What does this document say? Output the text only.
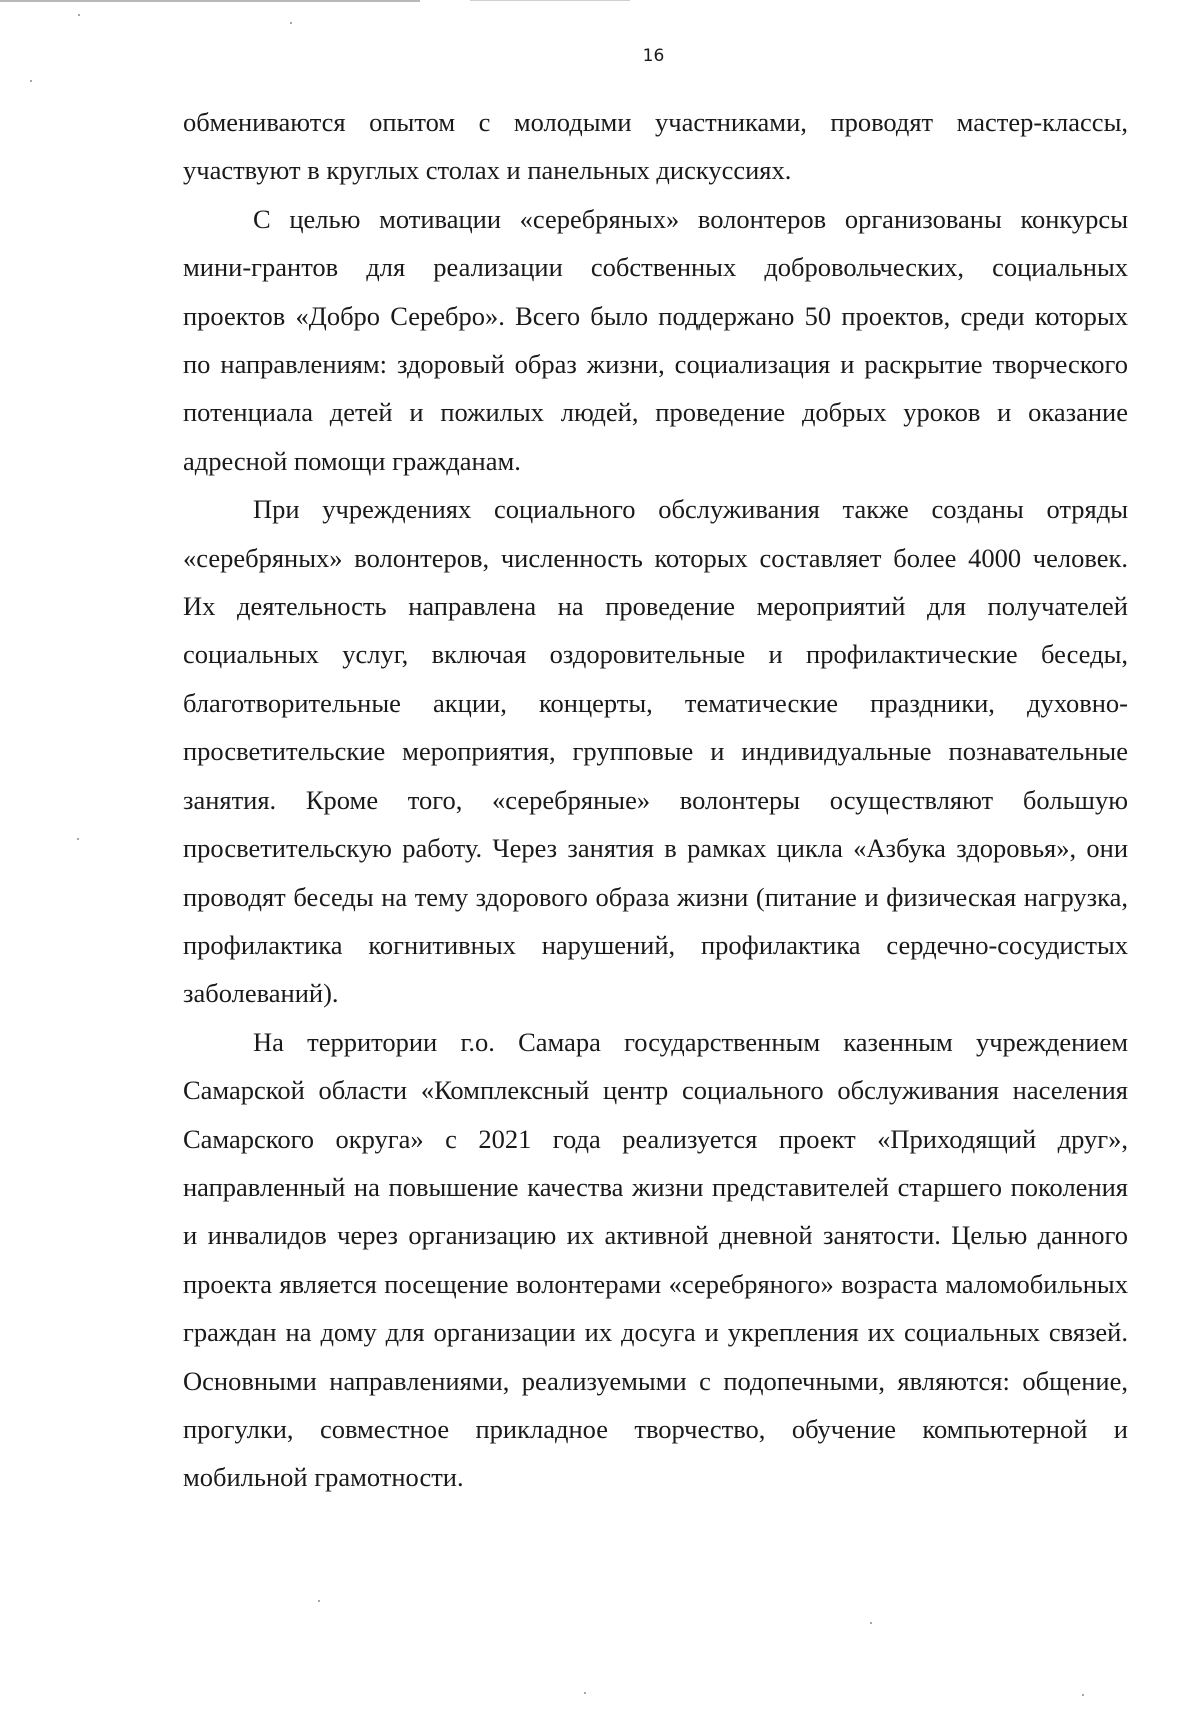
16

обмениваются опытом с молодыми участниками, проводят мастер-классы, участвуют в круглых столах и панельных дискуссиях.

С целью мотивации «серебряных» волонтеров организованы конкурсы мини-грантов для реализации собственных добровольческих, социальных проектов «Добро Серебро». Всего было поддержано 50 проектов, среди которых по направлениям: здоровый образ жизни, социализация и раскрытие творческого потенциала детей и пожилых людей, проведение добрых уроков и оказание адресной помощи гражданам.

При учреждениях социального обслуживания также созданы отряды «серебряных» волонтеров, численность которых составляет более 4000 человек. Их деятельность направлена на проведение мероприятий для получателей социальных услуг, включая оздоровительные и профилактические беседы, благотворительные акции, концерты, тематические праздники, духовно-просветительские мероприятия, групповые и индивидуальные познавательные занятия. Кроме того, «серебряные» волонтеры осуществляют большую просветительскую работу. Через занятия в рамках цикла «Азбука здоровья», они проводят беседы на тему здорового образа жизни (питание и физическая нагрузка, профилактика когнитивных нарушений, профилактика сердечно-сосудистых заболеваний).

На территории г.о. Самара государственным казенным учреждением Самарской области «Комплексный центр социального обслуживания населения Самарского округа» с 2021 года реализуется проект «Приходящий друг», направленный на повышение качества жизни представителей старшего поколения и инвалидов через организацию их активной дневной занятости. Целью данного проекта является посещение волонтерами «серебряного» возраста маломобильных граждан на дому для организации их досуга и укрепления их социальных связей. Основными направлениями, реализуемыми с подопечными, являются: общение, прогулки, совместное прикладное творчество, обучение компьютерной и мобильной грамотности.
